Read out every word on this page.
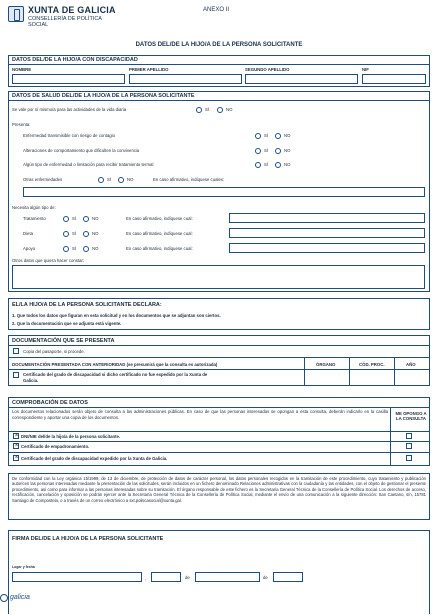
XUNTA DE GALICIA
CONSELLERÍA DE POLÍTICA
SOCIAL
ANEXO II
DATOS DEL/DE LA HIJO/A DE LA PERSONA SOLICITANTE
DATOS DEL/DE LA HIJO/A CON DISCAPACIDAD
NOMBRE	PRIMER APELLIDO	SEGUNDO APELLIDO	NIF
DATOS DE SALUD DEL/DE LA HIJO/A DE LA PERSONA SOLICITANTE
Se vale por sí mismo/a para las actividades de la vida diaria	SÍ	NO
Presenta:
Enfermedad transmisible con riesgo de contagio	SÍ	NO
Alteraciones de comportamiento que dificulten la convivencia	SÍ	NO
Algún tipo de enfermedad o limitación para recibir tratamiento termal	SÍ	NO
Otras enfermedades	SÍ	NO	En caso afirmativo, indíquese cuales:
Necesita algún tipo de:
Tratamiento	SÍ	NO	En caso afirmativo, indíquese cual:
Dieta	SÍ	NO	En caso afirmativo, indíquese cual:
Apoyo	SÍ	NO	En caso afirmativo, indíquese cual:
Otros datos que quiera hacer constar:
EL/LA HIJO/A DE LA PERSONA SOLICITANTE DECLARA:
1. Que todos los datos que figuran en esta solicitud y en los documentos que se adjuntan son ciertos.
2. Que la documentación que se adjunta está vigente.
DOCUMENTACIÓN QUE SE PRESENTA
Copia del pasaporte, si procede.
DOCUMENTACIÓN PRESENTADA CON ANTERIORIDAD (se presumirá que la consulta es autorizada)	ÓRGANO	CÓD. PROC.	AÑO
Certificado del grado de discapacidad si dicho certificado no fue expedido por la Xunta de
Galicia.
COMPROBACIÓN DE DATOS
Los documentos relacionados serán objeto de consulta a las administraciones públicas. En caso de que las personas interesadas se opongan a esta consulta, deberán indicarlo en la casilla correspondiente y aportar una copia de los documentos.
ME OPONGO A LA CONSULTA
×
DNI/NIE del/de la hijo/a de la persona solicitante.
×
Certificado de empadronamiento.
×
Certificado del grado de discapacidad expedido por la Xunta de Galicia.
De conformidad con la Ley orgánica 15/1999, de 13 de diciembre, de protección de datos de carácter personal, los datos personales recogidos en la tramitación de este procedimiento, cuyo tratamiento y publicación autoricen las personas interesadas mediante la presentación de las solicitudes, serán incluidos en un fichero denominado Relaciones administrativas con la ciudadanía y las entidades, con el objeto de gestionar el presente procedimiento, así como para informar a las personas interesadas sobre su tramitación. El órgano responsable de este fichero es la Secretaría General Técnica de la Consellería de Política Social. Los derechos de acceso, rectificación, cancelación y oposición se podrán ejercer ante la Secretaría General Técnica de la Consellería de Política Social, mediante el envío de una comunicación a la siguiente dirección: San Caetano, s/n, 15781 Santiago de Compostela, o a través de un correo electrónico a sxt.politicasocial@xunta.gal.
FIRMA DEL/DE LA HIJO/A DE LA PERSONA SOLICITANTE
Lugar y fecha
,	de	de
galicia
